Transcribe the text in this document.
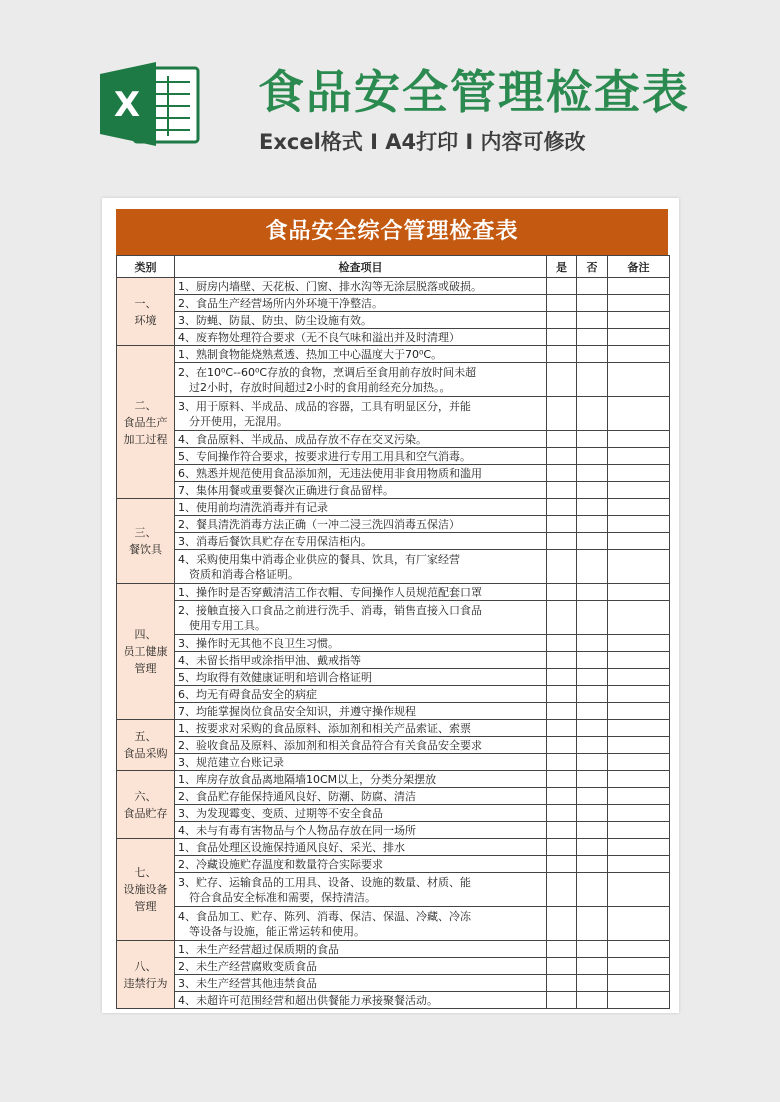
X	食品安全管理检查表
Excel格式 I A4打印 I 内容可修改
食品安全综合管理检查表
类别	检查项目	是	否	备注

一、
环境	1、厨房内墙壁、天花板、门窗、排水沟等无涂层脱落或破损。			
	2、食品生产经营场所内外环境干净整洁。			
	3、防蝇、防鼠、防虫、防尘设施有效。			
	4、废弃物处理符合要求（无不良气味和溢出并及时清理）			

二、
食品生产
加工过程	1、熟制食物能烧熟煮透、热加工中心温度大于70⁰C。			
	2、在10⁰C--60⁰C存放的食物，烹调后至食用前存放时间未超
过2小时，存放时间超过2小时的食用前经充分加热。。			

	3、用于原料、半成品、成品的容器，工具有明显区分，并能
分开使用，无混用。			

	4、食品原料、半成品、成品存放不存在交叉污染。			
	5、专间操作符合要求，按要求进行专用工用具和空气消毒。			
	6、熟悉并规范使用食品添加剂，无违法使用非食用物质和滥用			
	7、集体用餐或重要餐次正确进行食品留样。			

三、
餐饮具	1、使用前均清洗消毒并有记录			
	2、餐具清洗消毒方法正确（一冲二浸三洗四消毒五保洁）			
	3、消毒后餐饮具贮存在专用保洁柜内。			
	4、采购使用集中消毒企业供应的餐具、饮具，有厂家经营
资质和消毒合格证明。			

四、
员工健康
管理	1、操作时是否穿戴清洁工作衣帽、专间操作人员规范配套口罩			
	2、接触直接入口食品之前进行洗手、消毒，销售直接入口食品
使用专用工具。			

	3、操作时无其他不良卫生习惯。			
	4、未留长指甲或涂指甲油、戴戒指等			
	5、均取得有效健康证明和培训合格证明			
	6、均无有碍食品安全的病症			
	7、均能掌握岗位食品安全知识，并遵守操作规程			

五、
食品采购	1、按要求对采购的食品原料、添加剂和相关产品索证、索票			
	2、验收食品及原料、添加剂和相关食品符合有关食品安全要求			
	3、规范建立台账记录			

六、
食品贮存	1、库房存放食品离地隔墙10CM以上，分类分架摆放			
	2、食品贮存能保持通风良好、防潮、防腐、清洁			
	3、为发现霉变、变质、过期等不安全食品			
	4、未与有毒有害物品与个人物品存放在同一场所			

七、
设施设备
管理	1、食品处理区设施保持通风良好、采光、排水			
	2、冷藏设施贮存温度和数量符合实际要求			
	3、贮存、运输食品的工用具、设备、设施的数量、材质、能
符合食品安全标准和需要，保持清洁。			

	4、食品加工、贮存、陈列、消毒、保洁、保温、冷藏、冷冻
等设备与设施，能正常运转和使用。			

八、
违禁行为	1、未生产经营超过保质期的食品			
	2、未生产经营腐败变质食品			
	3、未生产经营其他违禁食品			
	4、未超许可范围经营和超出供餐能力承接聚餐活动。			
